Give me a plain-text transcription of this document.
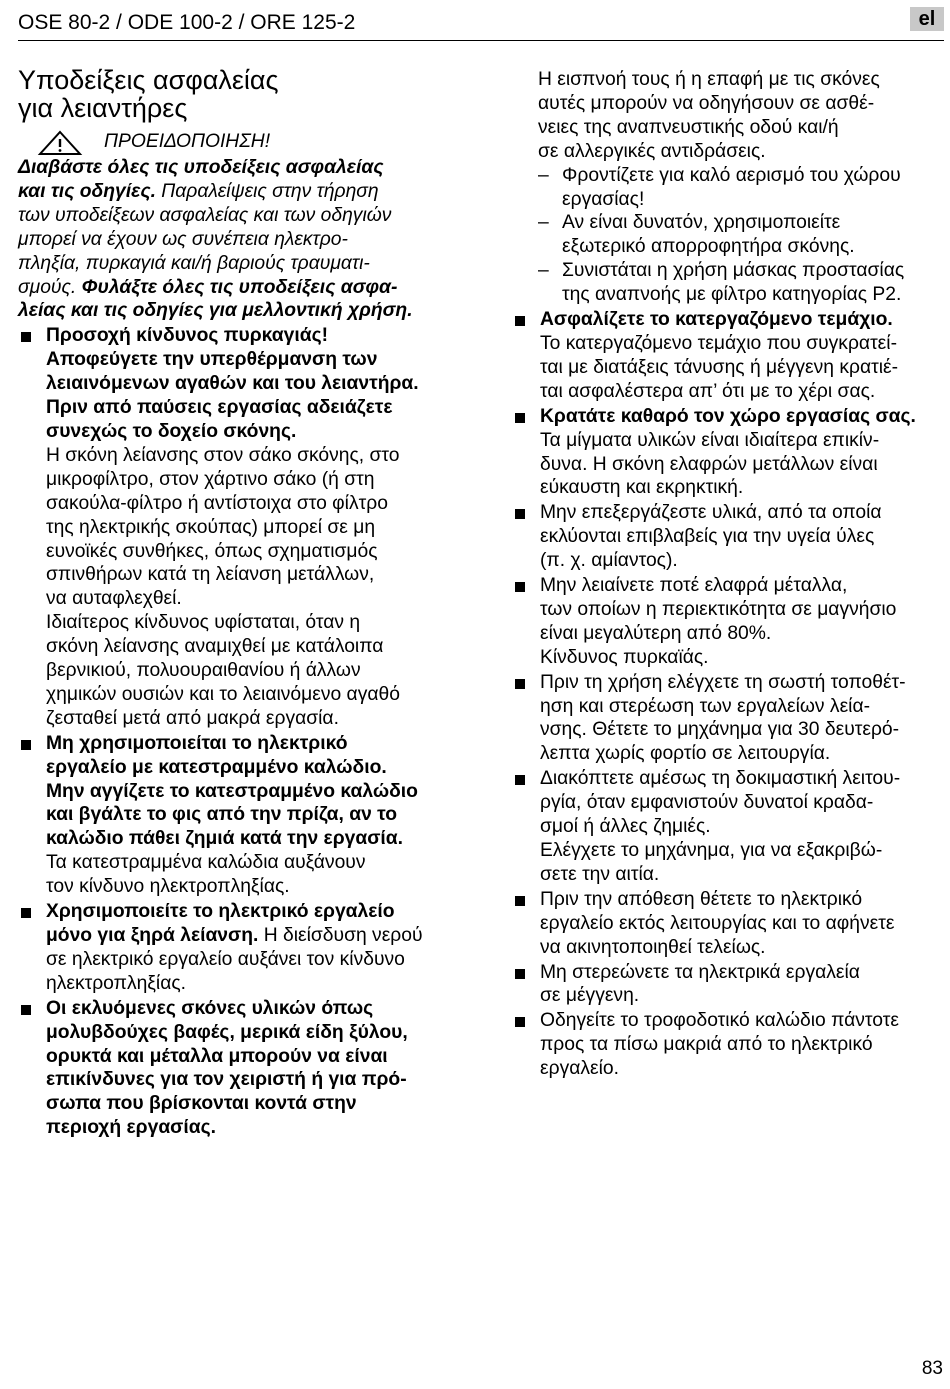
OSE 80-2 / ODE 100-2 / ORE 125-2	el
Υποδείξεις ασφαλείας
για λειαντήρες
ΠΡΟΕΙΔΟΠΟΙΗΣΗ!
Διαβάστε όλες τις υποδείξεις ασφαλείας
και τις οδηγίες. Παραλείψεις στην τήρηση
των υποδείξεων ασφαλείας και των οδηγιών
μπορεί να έχουν ως συνέπεια ηλεκτρο-
πληξία, πυρκαγιά και/ή βαριούς τραυματι-
σμούς. Φυλάξτε όλες τις υποδείξεις ασφα-
λείας και τις οδηγίες για μελλοντική χρήση.
Προσοχή κίνδυνος πυρκαγιάς!
Αποφεύγετε την υπερθέρμανση των
λειαινόμενων αγαθών και του λειαντήρα.
Πριν από παύσεις εργασίας αδειάζετε
συνεχώς το δοχείο σκόνης.
Η σκόνη λείανσης στον σάκο σκόνης, στο
μικροφίλτρο, στον χάρτινο σάκο (ή στη
σακούλα-φίλτρο ή αντίστοιχα στο φίλτρο
της ηλεκτρικής σκούπας) μπορεί σε μη
ευνοϊκές συνθήκες, όπως σχηματισμός
σπινθήρων κατά τη λείανση μετάλλων,
να αυταφλεχθεί.
Ιδιαίτερος κίνδυνος υφίσταται, όταν η
σκόνη λείανσης αναμιχθεί με κατάλοιπα
βερνικιού, πολυουραιθανίου ή άλλων
χημικών ουσιών και το λειαινόμενο αγαθό
ζεσταθεί μετά από μακρά εργασία.
Μη χρησιμοποιείται το ηλεκτρικό
εργαλείο με κατεστραμμένο καλώδιο.
Μην αγγίζετε το κατεστραμμένο καλώδιο
και βγάλτε το φις από την πρίζα, αν το
καλώδιο πάθει ζημιά κατά την εργασία.
Τα κατεστραμμένα καλώδια αυξάνουν
τον κίνδυνο ηλεκτροπληξίας.
Χρησιμοποιείτε το ηλεκτρικό εργαλείο
μόνο για ξηρά λείανση. Η διείσδυση νερού
σε ηλεκτρικό εργαλείο αυξάνει τον κίνδυνο
ηλεκτροπληξίας.
Οι εκλυόμενες σκόνες υλικών όπως
μολυβδούχες βαφές, μερικά είδη ξύλου,
ορυκτά και μέταλλα μπορούν να είναι
επικίνδυνες για τον χειριστή ή για πρό-
σωπα που βρίσκονται κοντά στην
περιοχή εργασίας.
Η εισπνοή τους ή η επαφή με τις σκόνες
αυτές μπορούν να οδηγήσουν σε ασθέ-
νειες της αναπνευστικής οδού και/ή
σε αλλεργικές αντιδράσεις.
– Φροντίζετε για καλό αερισμό του χώρου
εργασίας!
– Αν είναι δυνατόν, χρησιμοποιείτε
εξωτερικό απορροφητήρα σκόνης.
– Συνιστάται η χρήση μάσκας προστασίας
της αναπνοής με φίλτρο κατηγορίας P2.
Ασφαλίζετε το κατεργαζόμενο τεμάχιο.
Το κατεργαζόμενο τεμάχιο που συγκρατεί-
ται με διατάξεις τάνυσης ή μέγγενη κρατιέ-
ται ασφαλέστερα απ’ ότι με το χέρι σας.
Κρατάτε καθαρό τον χώρο εργασίας σας.
Τα μίγματα υλικών είναι ιδιαίτερα επικίν-
δυνα. Η σκόνη ελαφρών μετάλλων είναι
εύκαυστη και εκρηκτική.
Μην επεξεργάζεστε υλικά, από τα οποία
εκλύονται επιβλαβείς για την υγεία ύλες
(π. χ. αμίαντος).
Μην λειαίνετε ποτέ ελαφρά μέταλλα,
των οποίων η περιεκτικότητα σε μαγνήσιο
είναι μεγαλύτερη από 80%.
Κίνδυνος πυρκαϊάς.
Πριν τη χρήση ελέγχετε τη σωστή τοποθέτ-
ηση και στερέωση των εργαλείων λεία-
νσης. Θέτετε το μηχάνημα για 30 δευτερό-
λεπτα χωρίς φορτίο σε λειτουργία.
Διακόπτετε αμέσως τη δοκιμαστική λειτου-
ργία, όταν εμφανιστούν δυνατοί κραδα-
σμοί ή άλλες ζημιές.
Ελέγχετε το μηχάνημα, για να εξακριβώ-
σετε την αιτία.
Πριν την απόθεση θέτετε το ηλεκτρικό
εργαλείο εκτός λειτουργίας και το αφήνετε
να ακινητοποιηθεί τελείως.
Μη στερεώνετε τα ηλεκτρικά εργαλεία
σε μέγγενη.
Οδηγείτε το τροφοδοτικό καλώδιο πάντοτε
προς τα πίσω μακριά από το ηλεκτρικό
εργαλείο.
83
